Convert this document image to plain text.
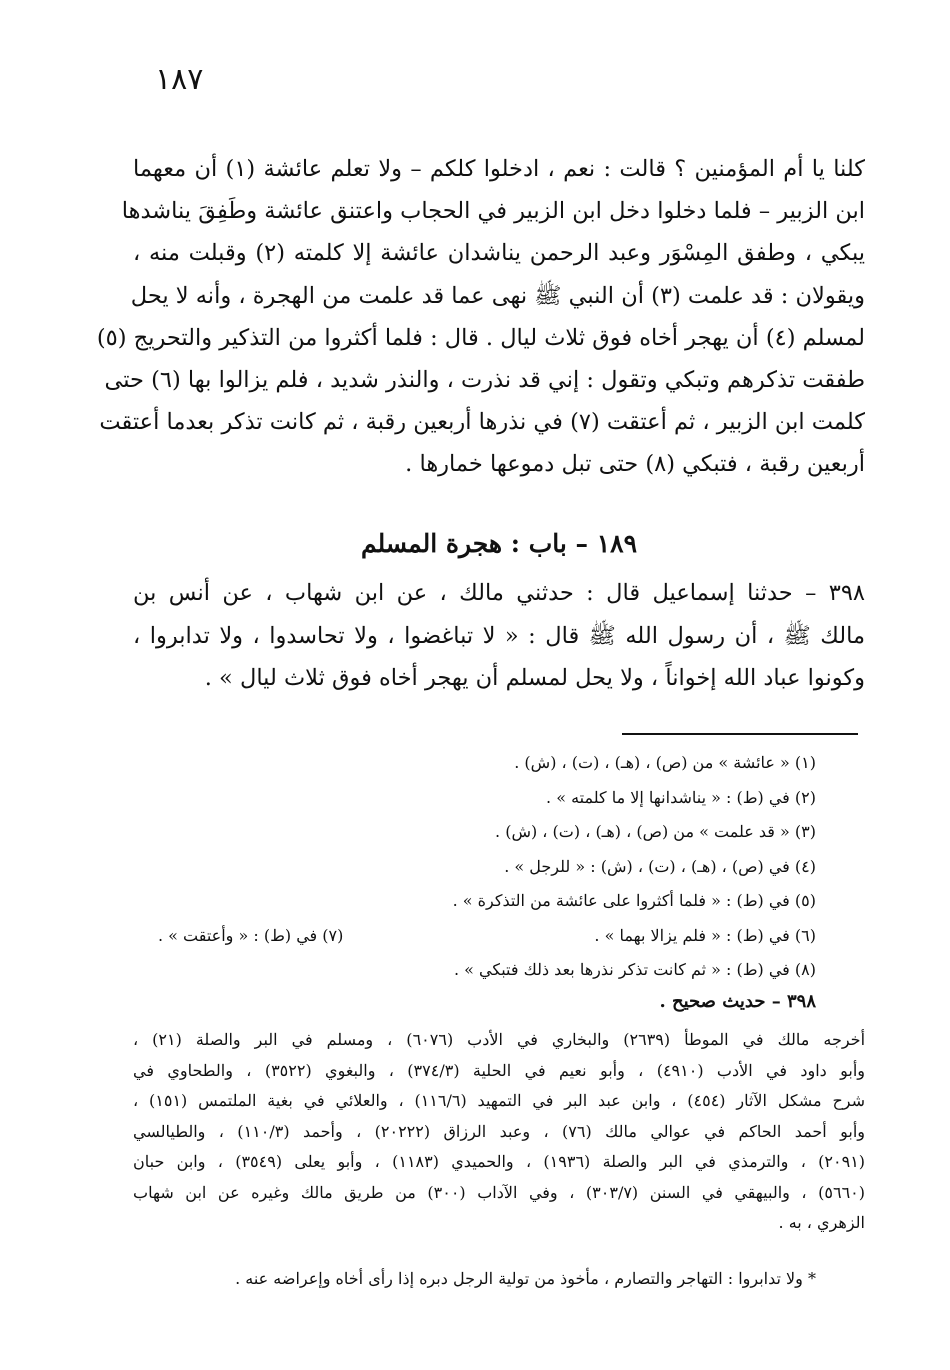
١٨٧
كلنا يا أم المؤمنين ؟ قالت : نعم ، ادخلوا كلكم – ولا تعلم عائشة (١) أن معهما
ابن الزبير – فلما دخلوا دخل ابن الزبير في الحجاب واعتنق عائشة وطَفِقَ يناشدها
يبكي ، وطفق المِسْوَر وعبد الرحمن يناشدان عائشة إلا كلمته (٢) وقبلت منه ،
ويقولان : قد علمت (٣) أن النبي ﷺ نهى عما قد علمت من الهجرة ، وأنه لا يحل
لمسلم (٤) أن يهجر أخاه فوق ثلاث ليال . قال : فلما أكثروا من التذكير والتحريج (٥)
طفقت تذكرهم وتبكي وتقول : إني قد نذرت ، والنذر شديد ، فلم يزالوا بها (٦) حتى
كلمت ابن الزبير ، ثم أعتقت (٧) في نذرها أربعين رقبة ، ثم كانت تذكر بعدما أعتقت
أربعين رقبة ، فتبكي (٨) حتى تبل دموعها خمارها .
١٨٩ – باب : هجرة المسلم
٣٩٨ – حدثنا إسماعيل قال : حدثني مالك ، عن ابن شهاب ، عن أنس بن
مالك ﷺ ، أن رسول الله ﷺ قال : « لا تباغضوا ، ولا تحاسدوا ، ولا تدابروا ،
وكونوا عباد الله إخواناً ، ولا يحل لمسلم أن يهجر أخاه فوق ثلاث ليال » .
(١) « عائشة » من (ص) ، (هـ) ، (ت) ، (ش) .
(٢) في (ط) : « يناشدانها إلا ما كلمته » .
(٣) « قد علمت » من (ص) ، (هـ) ، (ت) ، (ش) .
(٤) في (ص) ، (هـ) ، (ت) ، (ش) : « للرجل » .
(٥) في (ط) : « فلما أكثروا على عائشة من التذكرة » .
(٦) في (ط) : « فلم يزالا بهما » .
(٧) في (ط) : « وأعتقت » .
(٨) في (ط) : « ثم كانت تذكر نذرها بعد ذلك فتبكي » .
٣٩٨ – حديث صحيح .
أخرجه مالك في الموطأ (٢٦٣٩) والبخاري في الأدب (٦٠٧٦) ، ومسلم في البر والصلة (٢١) ،
وأبو داود في الأدب (٤٩١٠) ، وأبو نعيم في الحلية (٣٧٤/٣) ، والبغوي (٣٥٢٢) ، والطحاوي في
شرح مشكل الآثار (٤٥٤) ، وابن عبد البر في التمهيد (١١٦/٦) ، والعلائي في بغية الملتمس (١٥١) ،
وأبو أحمد الحاكم في عوالي مالك (٧٦) ، وعبد الرزاق (٢٠٢٢٢) ، وأحمد (١١٠/٣) ، والطيالسي
(٢٠٩١) ، والترمذي في البر والصلة (١٩٣٦) ، والحميدي (١١٨٣) ، وأبو يعلى (٣٥٤٩) ، وابن حبان
(٥٦٦٠) ، والبيهقي في السنن (٣٠٣/٧) ، وفي الآداب (٣٠٠) من طريق مالك وغيره عن ابن شهاب
الزهري ، به .
* ولا تدابروا : التهاجر والتصارم ، مأخوذ من تولية الرجل دبره إذا رأى أخاه وإعراضه عنه .
